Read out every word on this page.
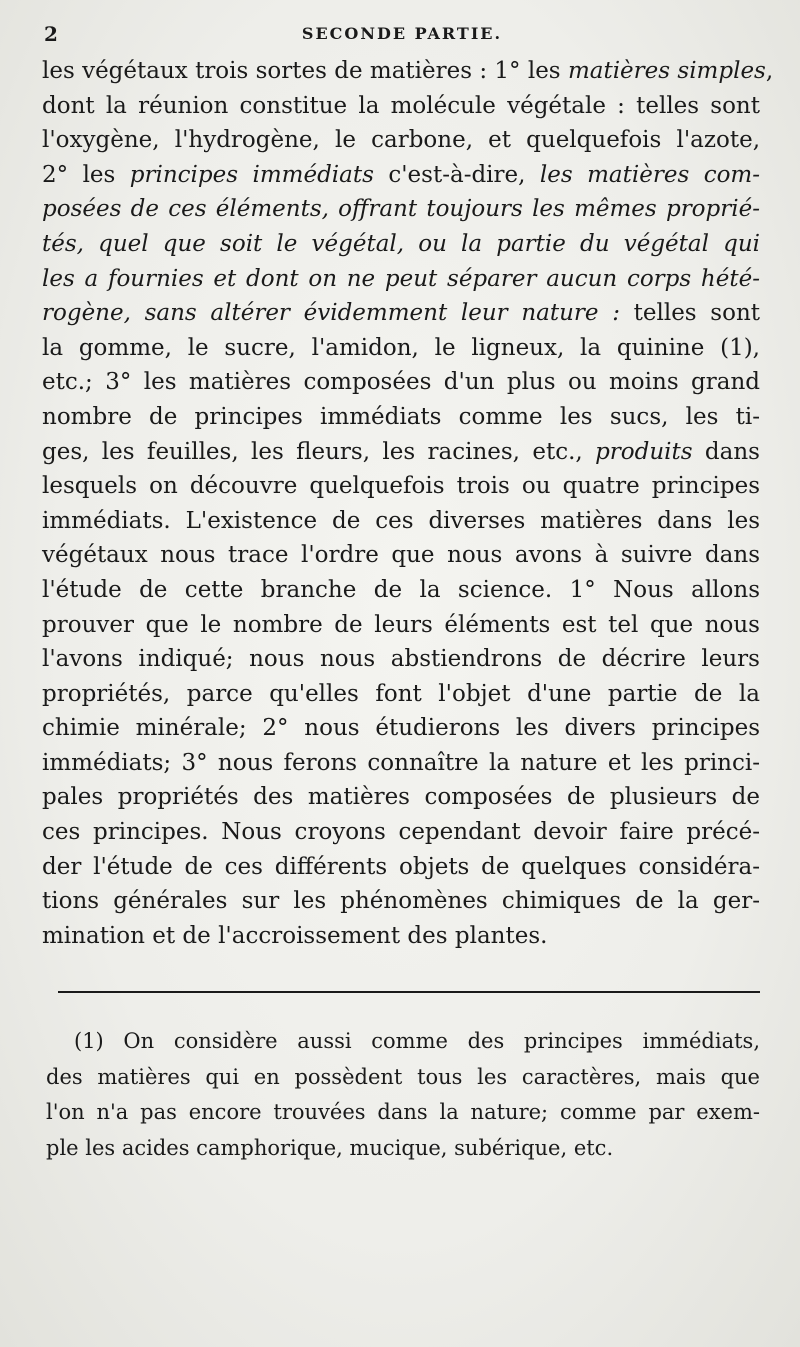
2	SECONDE PARTIE.
les végétaux trois sortes de matières : 1° les matières simples,
dont la réunion constitue la molécule végétale : telles sont
l'oxygène, l'hydrogène, le carbone, et quelquefois l'azote,
2° les principes immédiats c'est-à-dire, les matières com-
posées de ces éléments, offrant toujours les mêmes proprié-
tés, quel que soit le végétal, ou la partie du végétal qui
les a fournies et dont on ne peut séparer aucun corps hété-
rogène, sans altérer évidemment leur nature : telles sont
la gomme, le sucre, l'amidon, le ligneux, la quinine (1),
etc.; 3° les matières composées d'un plus ou moins grand
nombre de principes immédiats comme les sucs, les ti-
ges, les feuilles, les fleurs, les racines, etc., produits dans
lesquels on découvre quelquefois trois ou quatre principes
immédiats. L'existence de ces diverses matières dans les
végétaux nous trace l'ordre que nous avons à suivre dans
l'étude de cette branche de la science. 1° Nous allons
prouver que le nombre de leurs éléments est tel que nous
l'avons indiqué; nous nous abstiendrons de décrire leurs
propriétés, parce qu'elles font l'objet d'une partie de la
chimie minérale; 2° nous étudierons les divers principes
immédiats; 3° nous ferons connaître la nature et les princi-
pales propriétés des matières composées de plusieurs de
ces principes. Nous croyons cependant devoir faire précé-
der l'étude de ces différents objets de quelques considéra-
tions générales sur les phénomènes chimiques de la ger-
mination et de l'accroissement des plantes.
(1) On considère aussi comme des principes immédiats,
des matières qui en possèdent tous les caractères, mais que
l'on n'a pas encore trouvées dans la nature; comme par exem-
ple les acides camphorique, mucique, subérique, etc.
